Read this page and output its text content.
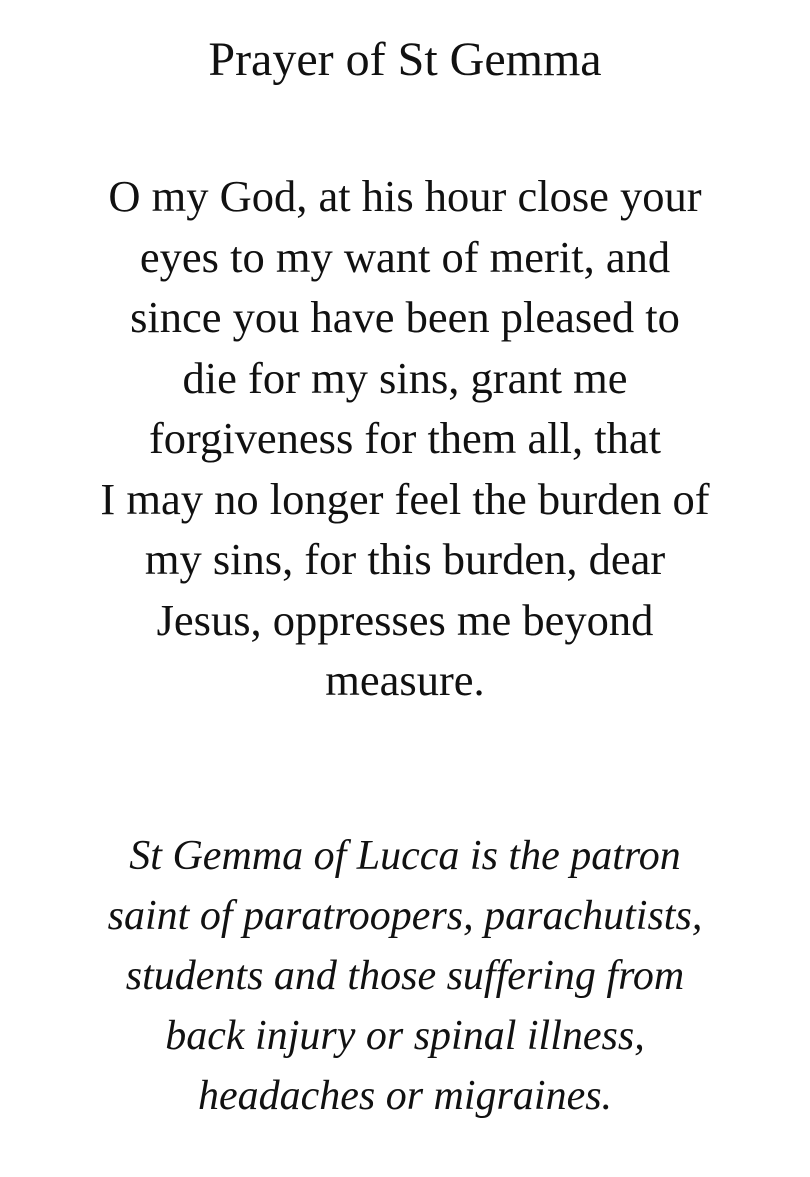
Prayer of St Gemma
O my God, at his hour close your
eyes to my want of merit, and
since you have been pleased to
die for my sins, grant me
forgiveness for them all, that
I may no longer feel the burden of
my sins, for this burden, dear
Jesus, oppresses me beyond
measure.
St Gemma of Lucca is the patron
saint of paratroopers, parachutists,
students and those suffering from
back injury or spinal illness,
headaches or migraines.
